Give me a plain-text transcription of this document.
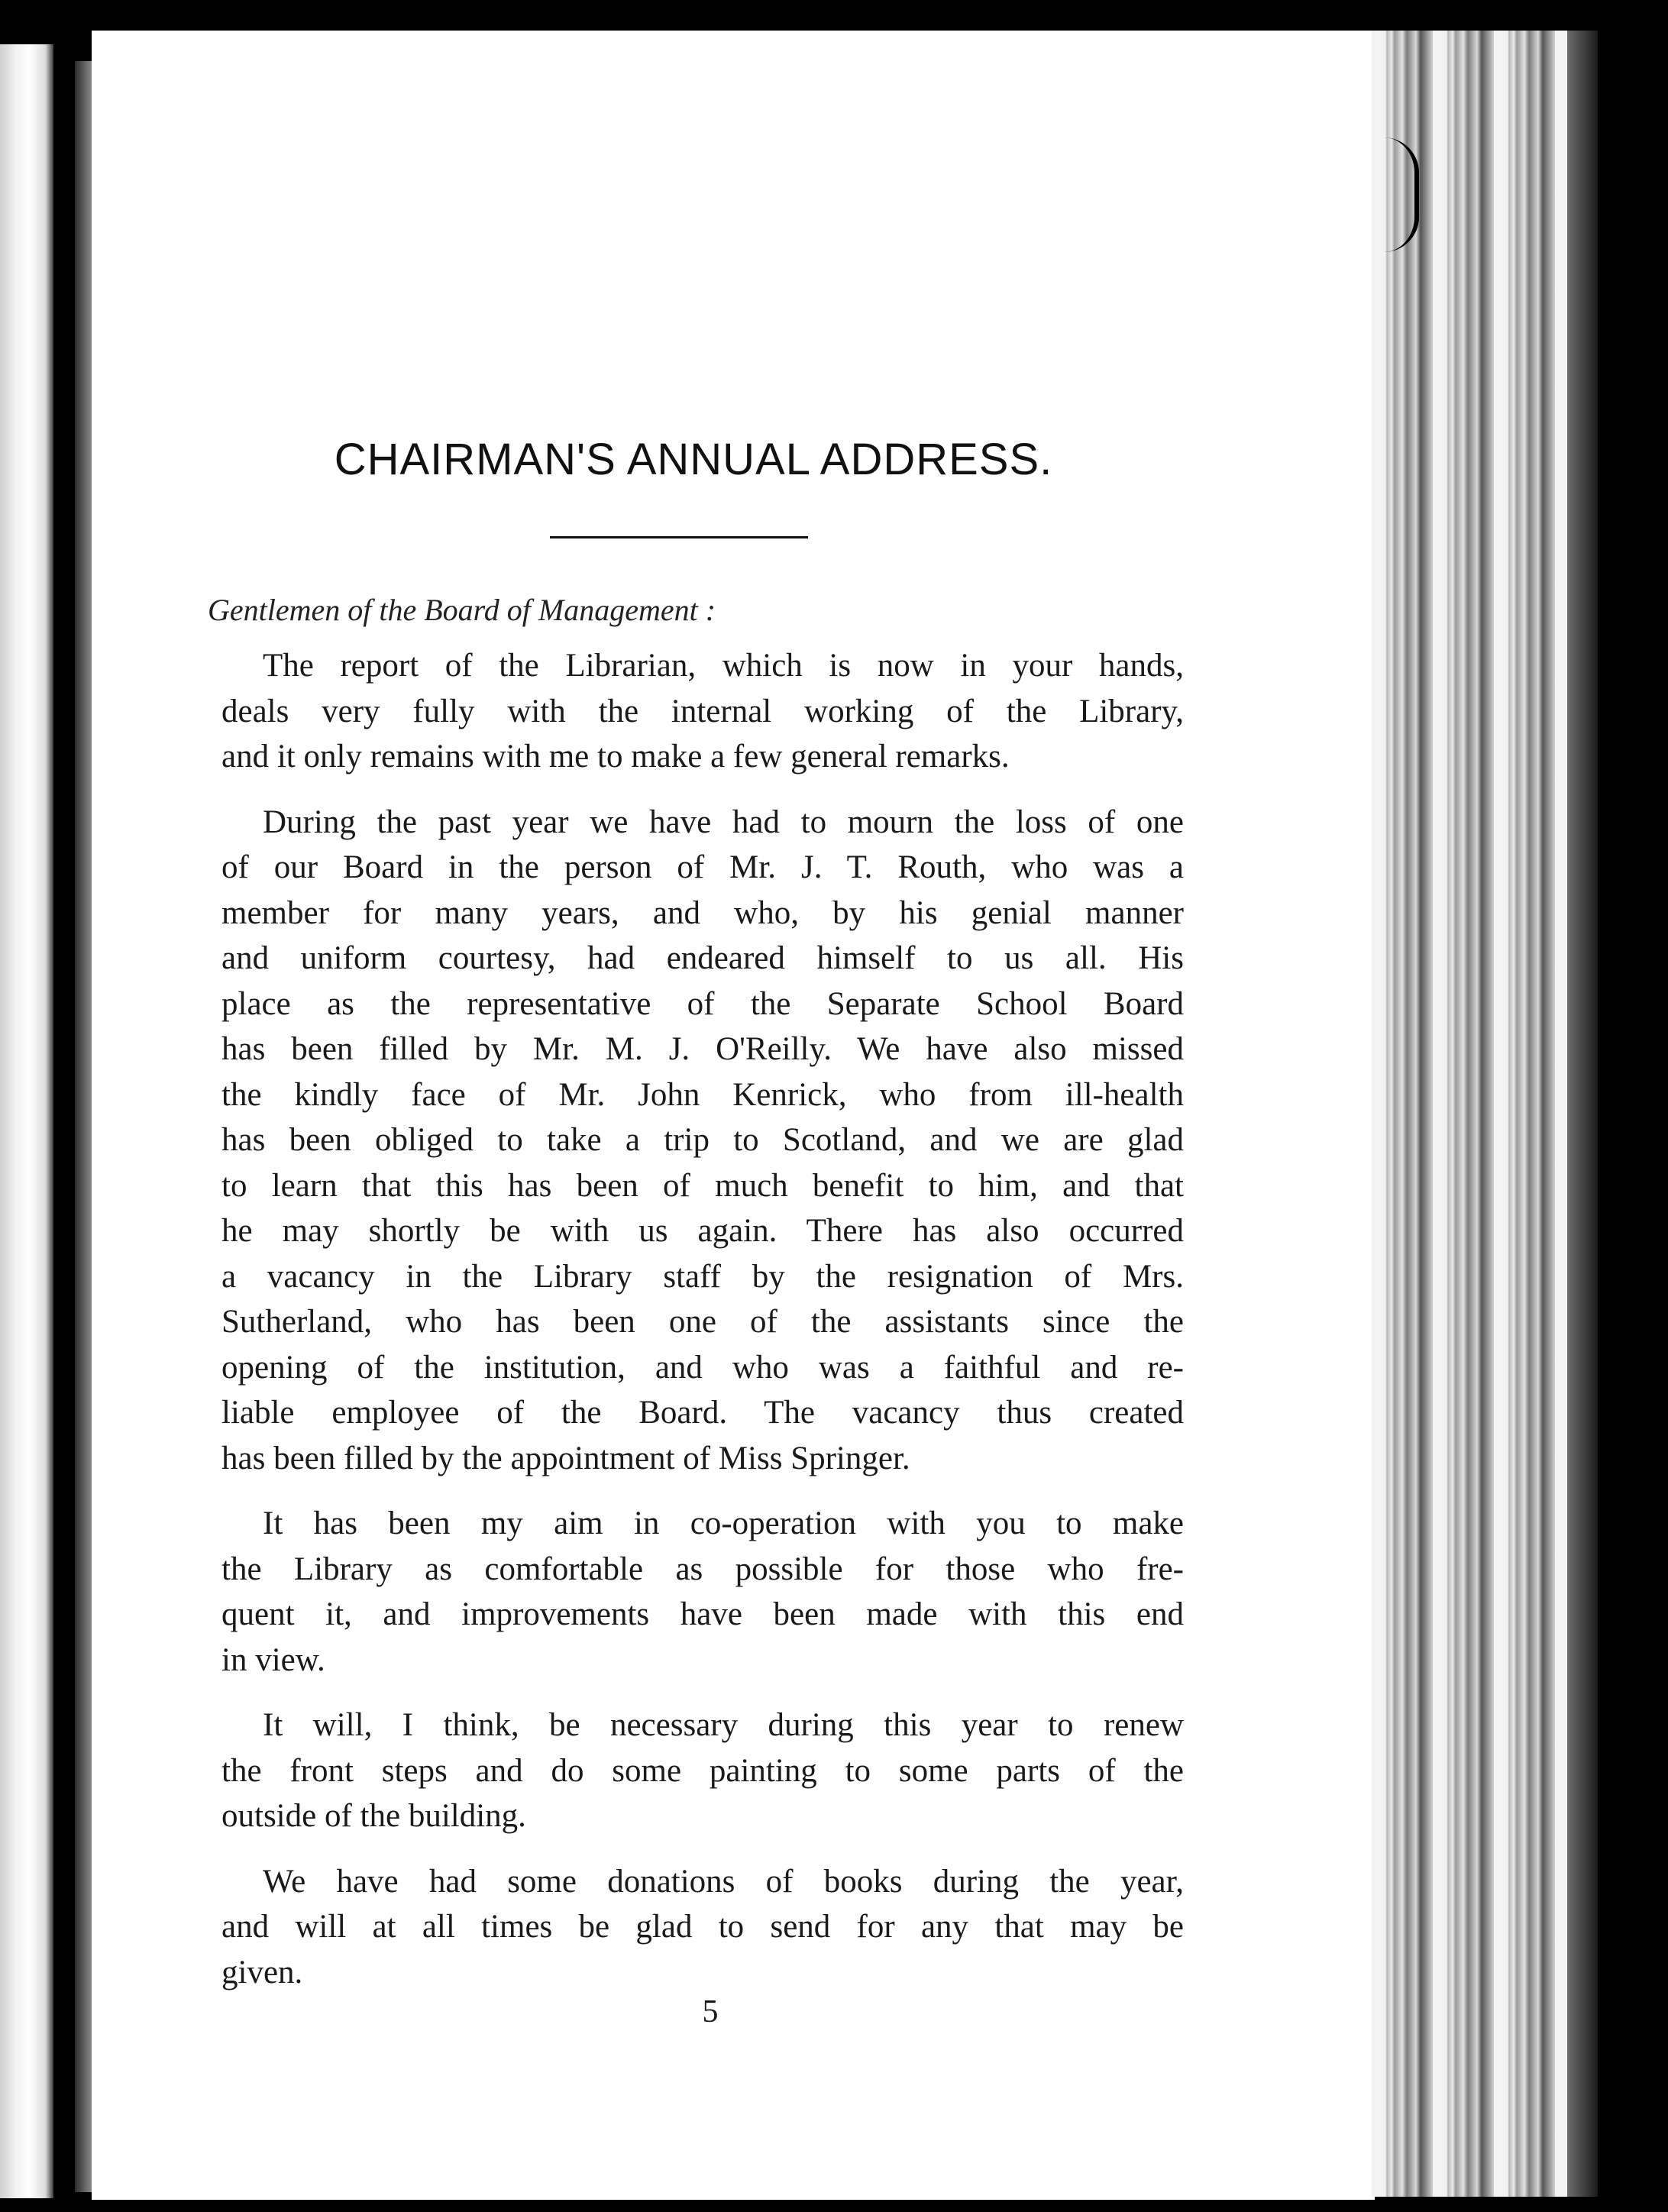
CHAIRMAN'S ANNUAL ADDRESS.

Gentlemen of the Board of Management :

The report of the Librarian, which is now in your hands,
deals very fully with the internal working of the Library,
and it only remains with me to make a few general remarks.
During the past year we have had to mourn the loss of one
of our Board in the person of Mr. J. T. Routh, who was a
member for many years, and who, by his genial manner
and uniform courtesy, had endeared himself to us all. His
place as the representative of the Separate School Board
has been filled by Mr. M. J. O'Reilly. We have also missed
the kindly face of Mr. John Kenrick, who from ill-health
has been obliged to take a trip to Scotland, and we are glad
to learn that this has been of much benefit to him, and that
he may shortly be with us again. There has also occurred
a vacancy in the Library staff by the resignation of Mrs.
Sutherland, who has been one of the assistants since the
opening of the institution, and who was a faithful and re-
liable employee of the Board. The vacancy thus created
has been filled by the appointment of Miss Springer.
It has been my aim in co-operation with you to make
the Library as comfortable as possible for those who fre-
quent it, and improvements have been made with this end
in view.
It will, I think, be necessary during this year to renew
the front steps and do some painting to some parts of the
outside of the building.
We have had some donations of books during the year,
and will at all times be glad to send for any that may be
given.
5
